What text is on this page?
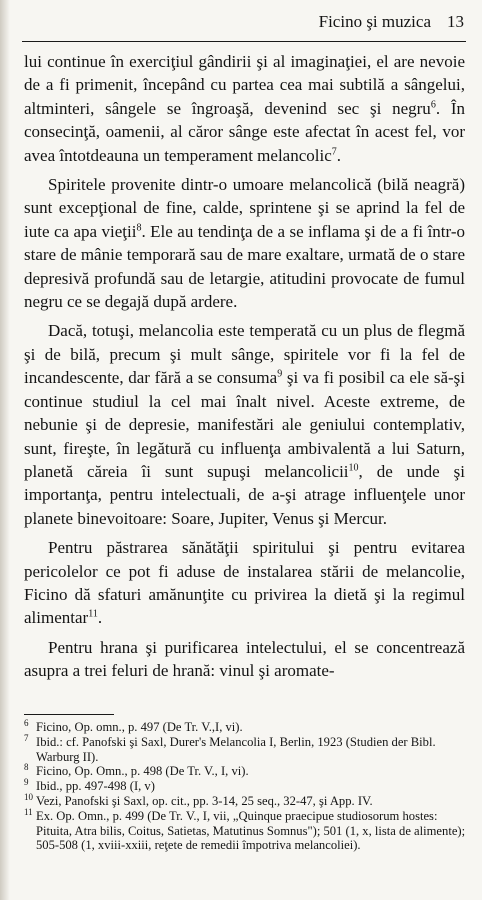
Ficino şi muzica 13

lui continue în exerciţiul gândirii şi al imaginaţiei, el are nevoie de a fi primenit, începând cu partea cea mai subtilă a sângelui, altminteri, sângele se îngroaşă, devenind sec şi negru$^6$. În consecinţă, oamenii, al căror sânge este afectat în acest fel, vor avea întotdeauna un temperament melancolic$^7$.

Spiritele provenite dintr-o umoare melancolică (bilă neagră) sunt excepţional de fine, calde, sprintene şi se aprind la fel de iute ca apa vieţii$^8$. Ele au tendinţa de a se inflama şi de a fi într-o stare de mânie temporară sau de mare exaltare, urmată de o stare depresivă profundă sau de letargie, atitudini provocate de fumul negru ce se degajă după ardere.

Dacă, totuşi, melancolia este temperată cu un plus de flegmă şi de bilă, precum şi mult sânge, spiritele vor fi la fel de incandescente, dar fără a se consuma$^9$ şi va fi posibil ca ele să-şi continue studiul la cel mai înalt nivel. Aceste extreme, de nebunie şi de depresie, manifestări ale geniului contemplativ, sunt, fireşte, în legătură cu influenţa ambivalentă a lui Saturn, planetă căreia îi sunt supuşi melancolicii$^{10}$, de unde şi importanţa, pentru intelectuali, de a-şi atrage influenţele unor planete binevoitoare: Soare, Jupiter, Venus şi Mercur.

Pentru păstrarea sănătăţii spiritului şi pentru evitarea pericolelor ce pot fi aduse de instalarea stării de melancolie, Ficino dă sfaturi amănunţite cu privirea la dietă şi la regimul alimentar$^{11}$.

Pentru hrana şi purificarea intelectului, el se concentrează asupra a trei feluri de hrană: vinul şi aromate-

6 Ficino, Op. omn., p. 497 (De Tr. V.,I, vi).
7 Ibid.: cf. Panofski şi Saxl, Durer's Melancolia I, Berlin, 1923 (Studien der Bibl. Warburg II).
8 Ficino, Op. Omn., p. 498 (De Tr. V., I, vi).
9 Ibid., pp. 497-498 (I, v)
10 Vezi, Panofski şi Saxl, op. cit., pp. 3-14, 25 seq., 32-47, şi App. IV.
11 Ex. Op. Omn., p. 499 (De Tr. V., I, vii, „Quinque praecipue studiosorum hostes: Pituita, Atra bilis, Coitus, Satietas, Matutinus Somnus"); 501 (1, x, lista de alimente); 505-508 (1, xviii-xxiii, reţete de remedii împotriva melancoliei).
